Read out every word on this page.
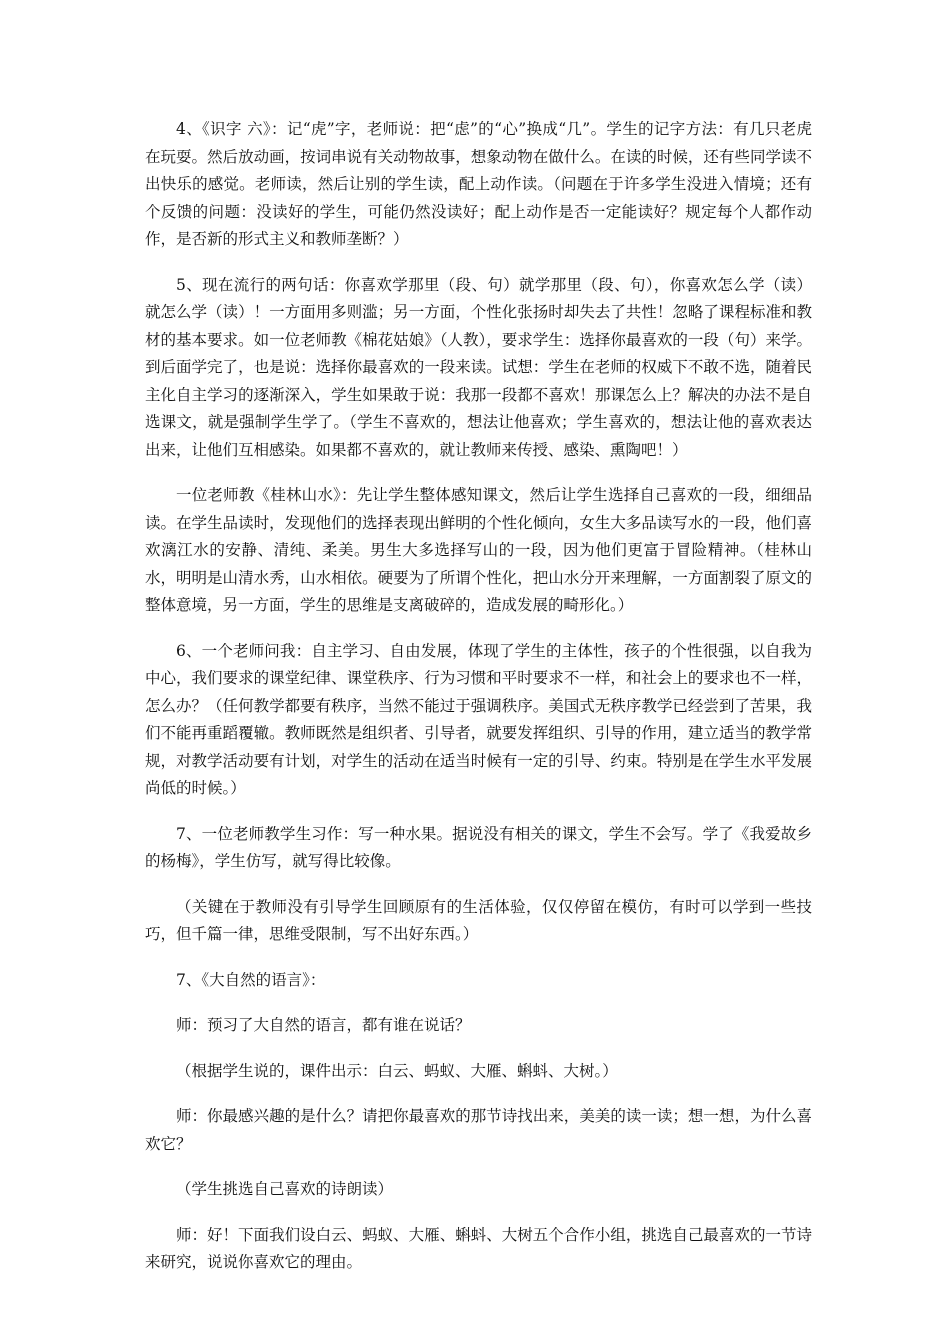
4、《识字 六》：记“虎”字，老师说：把“虑”的“心”换成“几”。学生的记字方法：有几只老虎在玩耍。然后放动画，按词串说有关动物故事，想象动物在做什么。在读的时候，还有些同学读不出快乐的感觉。老师读，然后让别的学生读，配上动作读。（问题在于许多学生没进入情境；还有个反馈的问题：没读好的学生，可能仍然没读好；配上动作是否一定能读好？规定每个人都作动作，是否新的形式主义和教师垄断？）

5、现在流行的两句话：你喜欢学那里（段、句）就学那里（段、句），你喜欢怎么学（读）就怎么学（读）！一方面用多则滥；另一方面，个性化张扬时却失去了共性！忽略了课程标准和教材的基本要求。如一位老师教《棉花姑娘》（人教），要求学生：选择你最喜欢的一段（句）来学。到后面学完了，也是说：选择你最喜欢的一段来读。试想：学生在老师的权威下不敢不选，随着民主化自主学习的逐渐深入，学生如果敢于说：我那一段都不喜欢！那课怎么上？解决的办法不是自选课文，就是强制学生学了。（学生不喜欢的，想法让他喜欢；学生喜欢的，想法让他的喜欢表达出来，让他们互相感染。如果都不喜欢的，就让教师来传授、感染、熏陶吧！）

一位老师教《桂林山水》：先让学生整体感知课文，然后让学生选择自己喜欢的一段，细细品读。在学生品读时，发现他们的选择表现出鲜明的个性化倾向，女生大多品读写水的一段，他们喜欢漓江水的安静、清纯、柔美。男生大多选择写山的一段，因为他们更富于冒险精神。（桂林山水，明明是山清水秀，山水相依。硬要为了所谓个性化，把山水分开来理解，一方面割裂了原文的整体意境，另一方面，学生的思维是支离破碎的，造成发展的畸形化。）

6、一个老师问我：自主学习、自由发展，体现了学生的主体性，孩子的个性很强，以自我为中心，我们要求的课堂纪律、课堂秩序、行为习惯和平时要求不一样，和社会上的要求也不一样，怎么办？（任何教学都要有秩序，当然不能过于强调秩序。美国式无秩序教学已经尝到了苦果，我们不能再重蹈覆辙。教师既然是组织者、引导者，就要发挥组织、引导的作用，建立适当的教学常规，对教学活动要有计划，对学生的活动在适当时候有一定的引导、约束。特别是在学生水平发展尚低的时候。）

7、一位老师教学生习作：写一种水果。据说没有相关的课文，学生不会写。学了《我爱故乡的杨梅》，学生仿写，就写得比较像。

（关键在于教师没有引导学生回顾原有的生活体验，仅仅停留在模仿，有时可以学到一些技巧，但千篇一律，思维受限制，写不出好东西。）

7、《大自然的语言》：

师：预习了大自然的语言，都有谁在说话？

（根据学生说的，课件出示：白云、蚂蚁、大雁、蝌蚪、大树。）

师：你最感兴趣的是什么？请把你最喜欢的那节诗找出来，美美的读一读；想一想，为什么喜欢它？

（学生挑选自己喜欢的诗朗读）

师：好！下面我们设白云、蚂蚁、大雁、蝌蚪、大树五个合作小组，挑选自己最喜欢的一节诗来研究，说说你喜欢它的理由。
